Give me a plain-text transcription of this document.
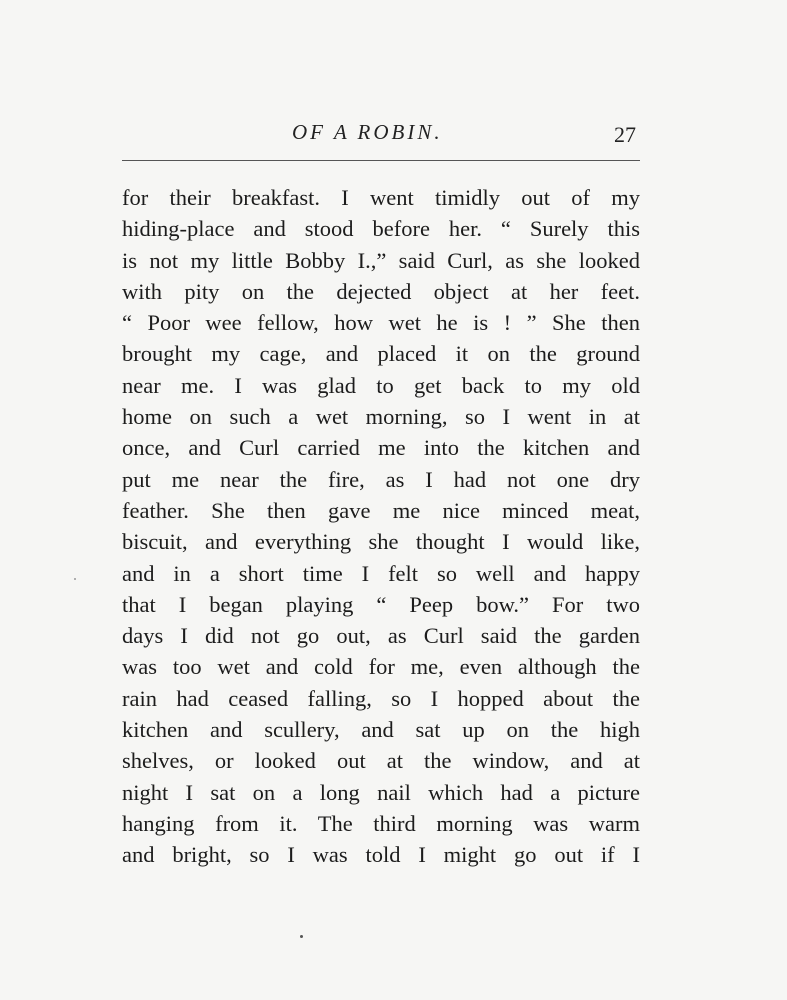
OF A ROBIN.	27
for their breakfast. I went timidly out of my
hiding-place and stood before her. “ Surely this
is not my little Bobby I.,” said Curl, as she looked
with pity on the dejected object at her feet.
“ Poor wee fellow, how wet he is ! ” She then
brought my cage, and placed it on the ground
near me. I was glad to get back to my old
home on such a wet morning, so I went in at
once, and Curl carried me into the kitchen and
put me near the fire, as I had not one dry
feather. She then gave me nice minced meat,
biscuit, and everything she thought I would like,
and in a short time I felt so well and happy
that I began playing “ Peep bow.” For two
days I did not go out, as Curl said the garden
was too wet and cold for me, even although the
rain had ceased falling, so I hopped about the
kitchen and scullery, and sat up on the high
shelves, or looked out at the window, and at
night I sat on a long nail which had a picture
hanging from it. The third morning was warm
and bright, so I was told I might go out if I
